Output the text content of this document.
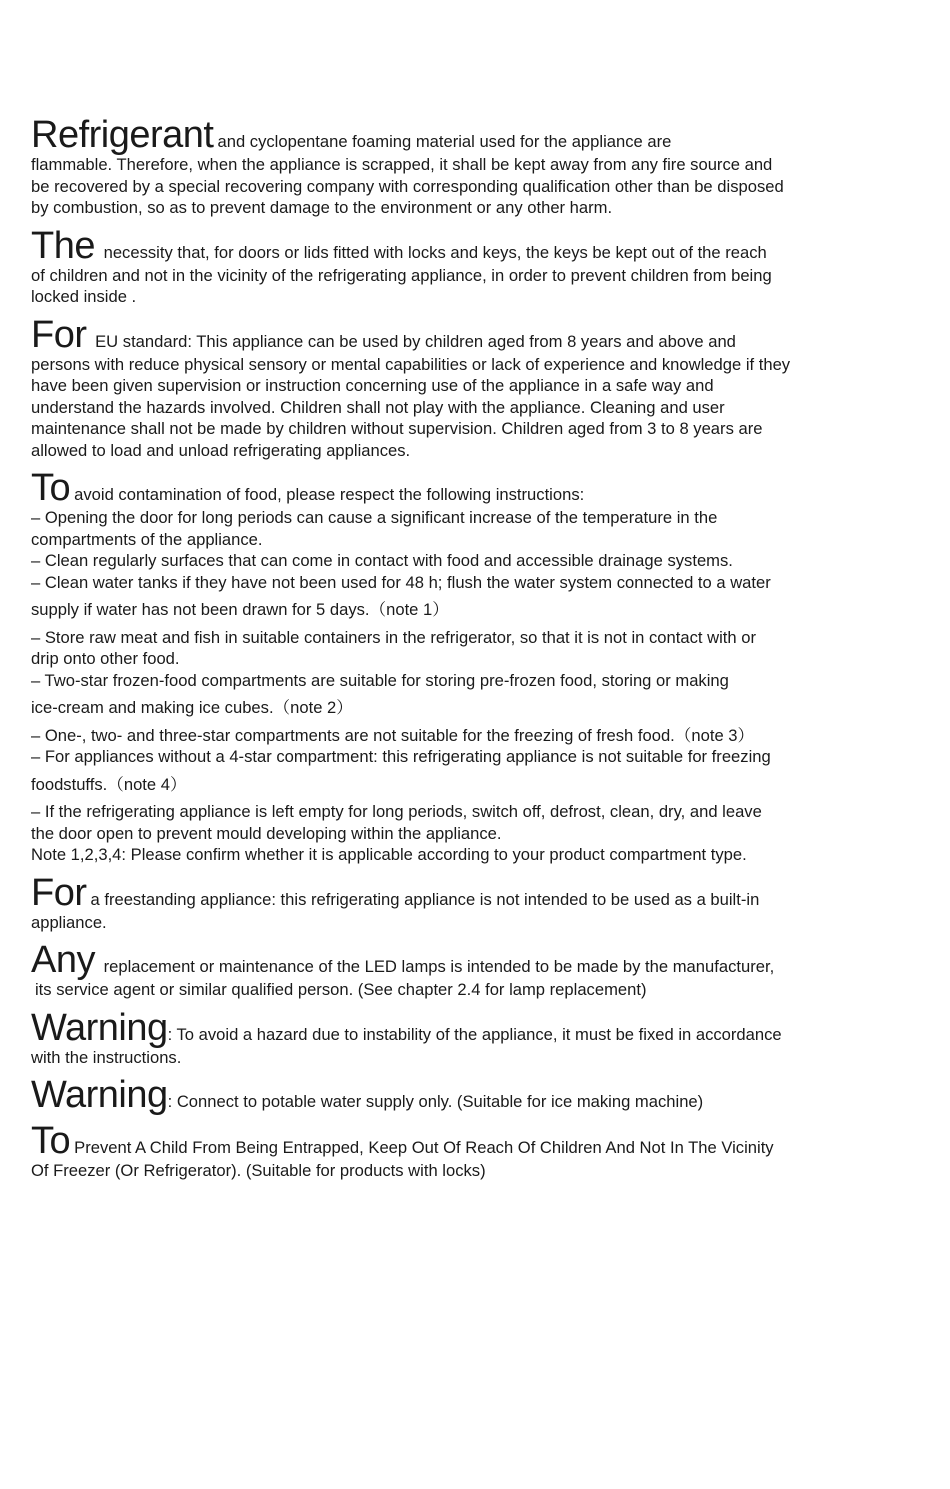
Refrigerant and cyclopentane foaming material used for the appliance are
flammable. Therefore, when the appliance is scrapped, it shall be kept away from any fire source and
be recovered by a special recovering company with corresponding qualification other than be disposed
by combustion, so as to prevent damage to the environment or any other harm.

The necessity that, for doors or lids fitted with locks and keys, the keys be kept out of the reach
of children and not in the vicinity of the refrigerating appliance, in order to prevent children from being
locked inside .

For EU standard: This appliance can be used by children aged from 8 years and above and
persons with reduce physical sensory or mental capabilities or lack of experience and knowledge if they
have been given supervision or instruction concerning use of the appliance in a safe way and
understand the hazards involved. Children shall not play with the appliance. Cleaning and user
maintenance shall not be made by children without supervision. Children aged from 3 to 8 years are
allowed to load and unload refrigerating appliances.

To avoid contamination of food, please respect the following instructions:
– Opening the door for long periods can cause a significant increase of the temperature in the
compartments of the appliance.
– Clean regularly surfaces that can come in contact with food and accessible drainage systems.
– Clean water tanks if they have not been used for 48 h; flush the water system connected to a water
supply if water has not been drawn for 5 days.（note 1）
– Store raw meat and fish in suitable containers in the refrigerator, so that it is not in contact with or
drip onto other food.
– Two-star frozen-food compartments are suitable for storing pre-frozen food, storing or making
ice-cream and making ice cubes.（note 2）
– One-, two- and three-star compartments are not suitable for the freezing of fresh food.（note 3）
– For appliances without a 4-star compartment: this refrigerating appliance is not suitable for freezing
foodstuffs.（note 4）
– If the refrigerating appliance is left empty for long periods, switch off, defrost, clean, dry, and leave
the door open to prevent mould developing within the appliance.
Note 1,2,3,4: Please confirm whether it is applicable according to your product compartment type.

For a freestanding appliance: this refrigerating appliance is not intended to be used as a built-in
appliance.

Any replacement or maintenance of the LED lamps is intended to be made by the manufacturer,
its service agent or similar qualified person. (See chapter 2.4 for lamp replacement)

Warning: To avoid a hazard due to instability of the appliance, it must be fixed in accordance
with the instructions.

Warning: Connect to potable water supply only. (Suitable for ice making machine)

To Prevent A Child From Being Entrapped, Keep Out Of Reach Of Children And Not In The Vicinity
Of Freezer (Or Refrigerator). (Suitable for products with locks)
